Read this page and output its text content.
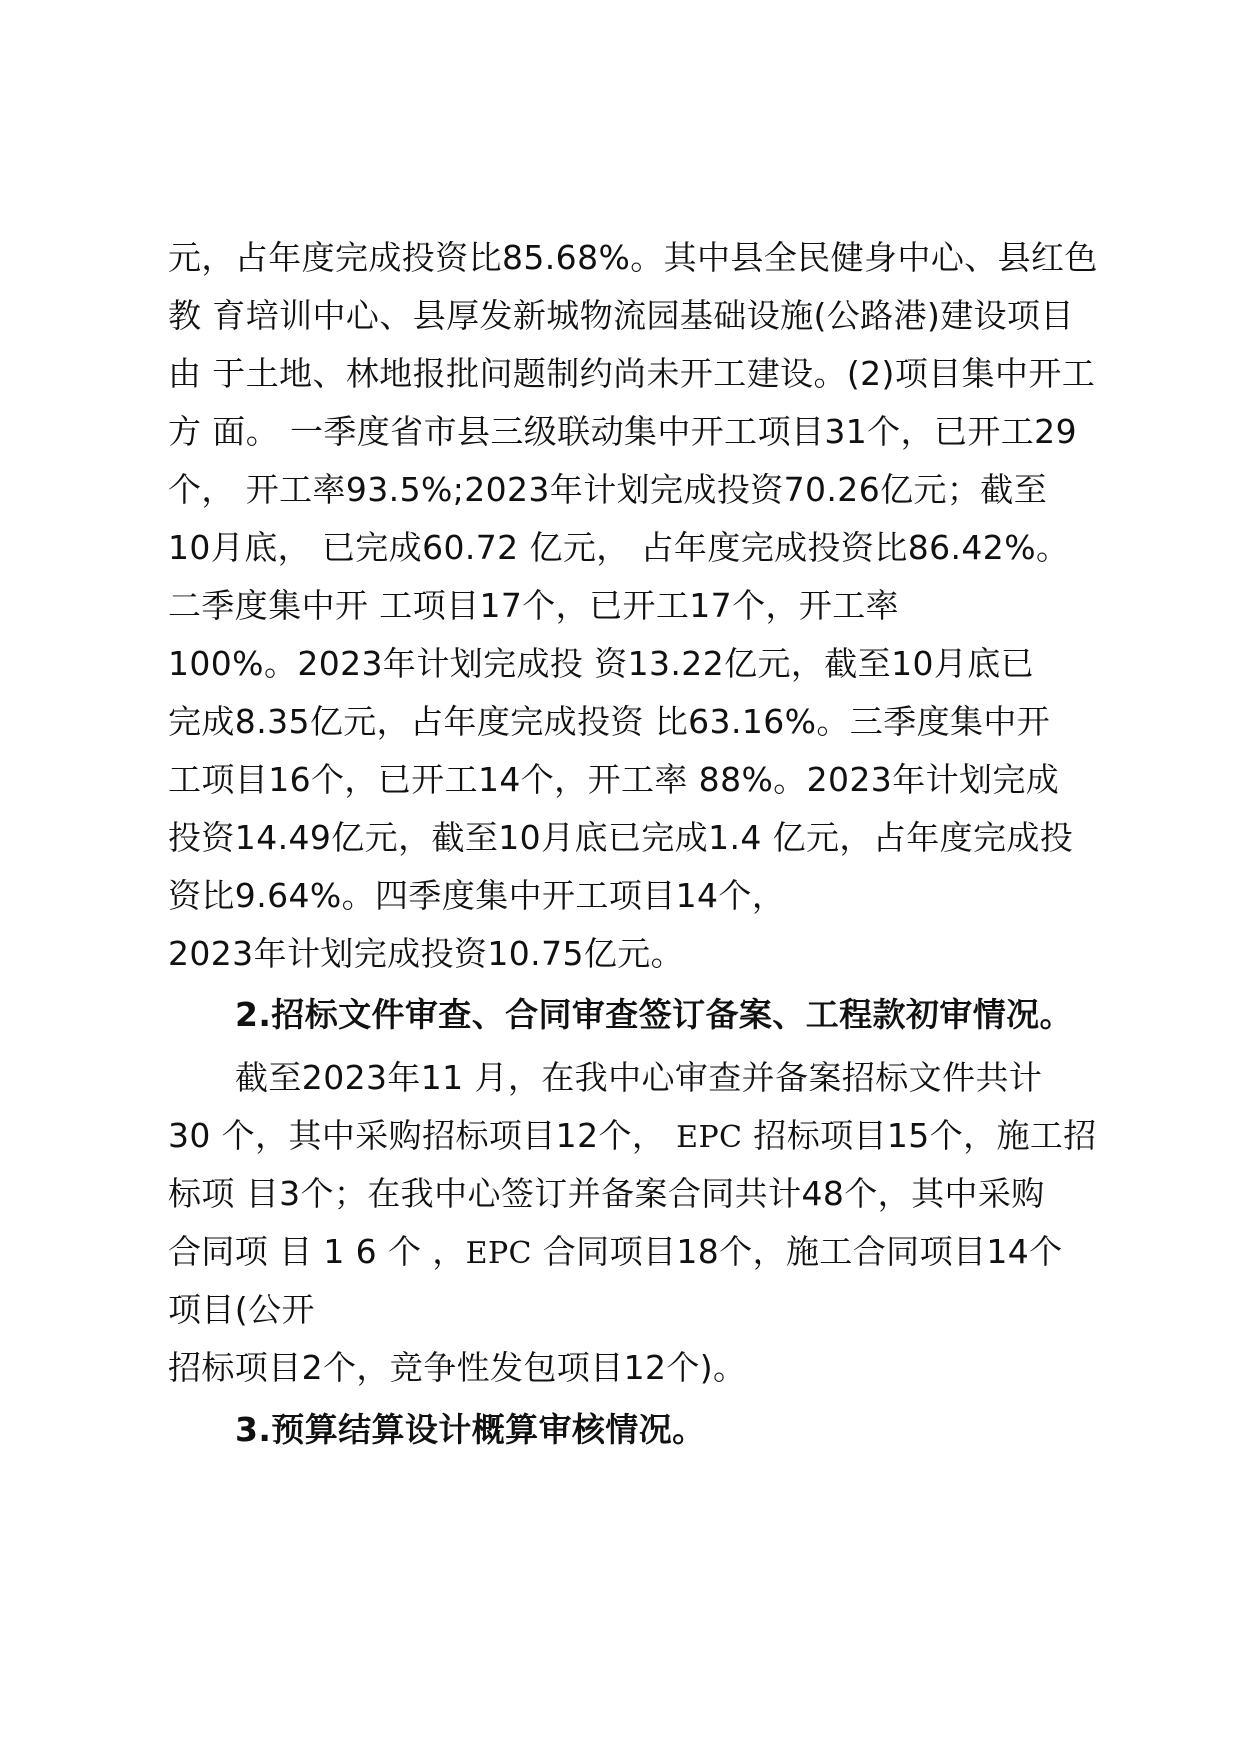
元，占年度完成投资比85.68%。其中县全民健身中心、县红色
教 育培训中心、县厚发新城物流园基础设施(公路港)建设项目
由 于土地、林地报批问题制约尚未开工建设。(2)项目集中开工
方 面。 一季度省市县三级联动集中开工项目31个，已开工29
个， 开工率93.5%;2023年计划完成投资70.26亿元；截至
10月底， 已完成60.72 亿元， 占年度完成投资比86.42%。
二季度集中开 工项目17个，已开工17个，开工率
100%。2023年计划完成投 资13.22亿元，截至10月底已
完成8.35亿元，占年度完成投资 比63.16%。三季度集中开
工项目16个，已开工14个，开工率 88%。2023年计划完成
投资14.49亿元，截至10月底已完成1.4 亿元，占年度完成投
资比9.64%。四季度集中开工项目14个，
2023年计划完成投资10.75亿元。
2.招标文件审查、合同审查签订备案、工程款初审情况。
截至2023年11 月，在我中心审查并备案招标文件共计
30 个，其中采购招标项目12个， EPC 招标项目15个，施工招
标项 目3个；在我中心签订并备案合同共计48个，其中采购
合同项 目 1 6 个 ，EPC 合同项目18个，施工合同项目14个
项目(公开
招标项目2个，竞争性发包项目12个)。
3.预算结算设计概算审核情况。
